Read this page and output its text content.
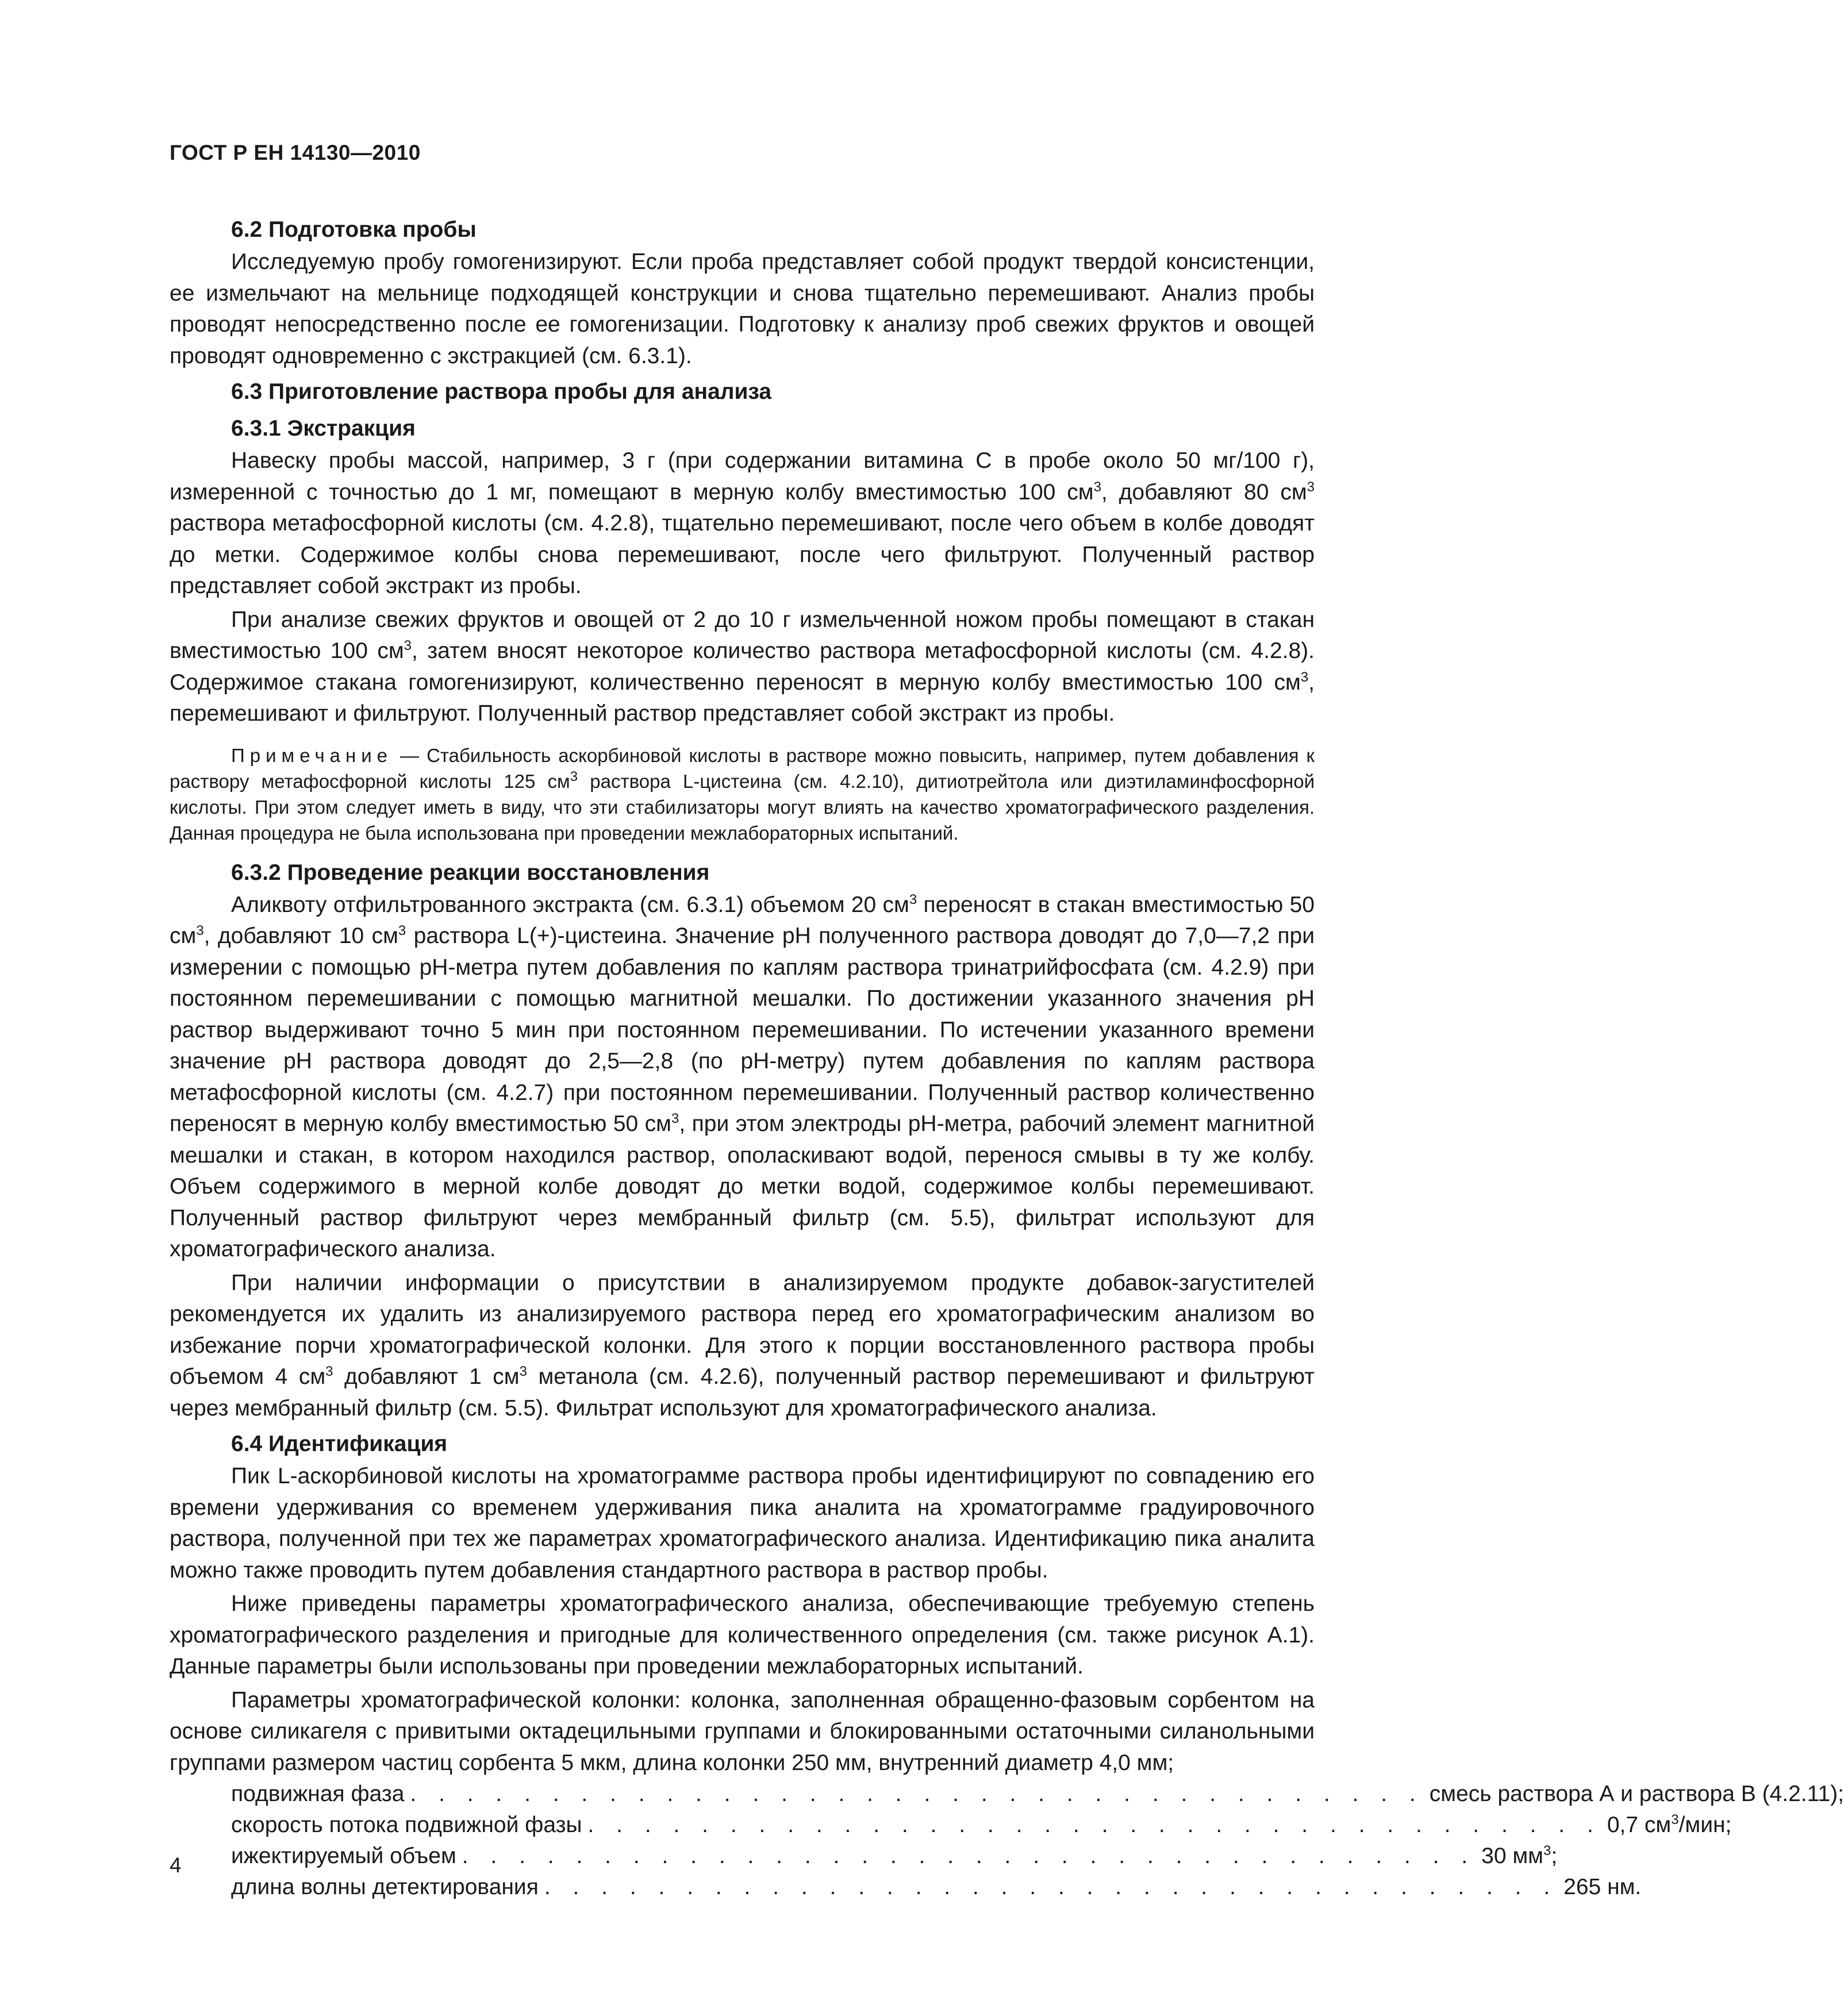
ГОСТ Р ЕН 14130—2010
6.2 Подготовка пробы

Исследуемую пробу гомогенизируют. Если проба представляет собой продукт твердой консистенции, ее измельчают на мельнице подходящей конструкции и снова тщательно перемешивают. Анализ пробы проводят непосредственно после ее гомогенизации. Подготовку к анализу проб свежих фруктов и овощей проводят одновременно с экстракцией (см. 6.3.1).

6.3 Приготовление раствора пробы для анализа
6.3.1 Экстракция

Навеску пробы массой, например, 3 г (при содержании витамина С в пробе около 50 мг/100 г), измеренной с точностью до 1 мг, помещают в мерную колбу вместимостью 100 $см^3$, добавляют 80 $см^3$ раствора метафосфорной кислоты (см. 4.2.8), тщательно перемешивают, после чего объем в колбе доводят до метки. Содержимое колбы снова перемешивают, после чего фильтруют. Полученный раствор представляет собой экстракт из пробы.

При анализе свежих фруктов и овощей от 2 до 10 г измельченной ножом пробы помещают в стакан вместимостью 100 $см^3$, затем вносят некоторое количество раствора метафосфорной кислоты (см. 4.2.8). Содержимое стакана гомогенизируют, количественно переносят в мерную колбу вместимостью 100 $см^3$, перемешивают и фильтруют. Полученный раствор представляет собой экстракт из пробы.

Примечание — Стабильность аскорбиновой кислоты в растворе можно повысить, например, путем добавления к раствору метафосфорной кислоты 125 $см^3$ раствора L-цистеина (см. 4.2.10), дитиотрейтола или диэтиламинфосфорной кислоты. При этом следует иметь в виду, что эти стабилизаторы могут влиять на качество хроматографического разделения. Данная процедура не была использована при проведении межлабораторных испытаний.
6.3.2 Проведение реакции восстановления

Аликвоту отфильтрованного экстракта (см. 6.3.1) объемом 20 $см^3$ переносят в стакан вместимостью 50 $см^3$, добавляют 10 $см^3$ раствора L(+)-цистеина. Значение pH полученного раствора доводят до 7,0—7,2 при измерении с помощью pH-метра путем добавления по каплям раствора тринатрийфосфата (см. 4.2.9) при постоянном перемешивании с помощью магнитной мешалки. По достижении указанного значения pH раствор выдерживают точно 5 мин при постоянном перемешивании. По истечении указанного времени значение pH раствора доводят до 2,5—2,8 (по pH-метру) путем добавления по каплям раствора метафосфорной кислоты (см. 4.2.7) при постоянном перемешивании. Полученный раствор количественно переносят в мерную колбу вместимостью 50 $см^3$, при этом электроды pH-метра, рабочий элемент магнитной мешалки и стакан, в котором находился раствор, ополаскивают водой, перенося смывы в ту же колбу. Объем содержимого в мерной колбе доводят до метки водой, содержимое колбы перемешивают. Полученный раствор фильтруют через мембранный фильтр (см. 5.5), фильтрат используют для хроматографического анализа.

При наличии информации о присутствии в анализируемом продукте добавок-загустителей рекомендуется их удалить из анализируемого раствора перед его хроматографическим анализом во избежание порчи хроматографической колонки. Для этого к порции восстановленного раствора пробы объемом 4 $см^3$ добавляют 1 $см^3$ метанола (см. 4.2.6), полученный раствор перемешивают и фильтруют через мембранный фильтр (см. 5.5). Фильтрат используют для хроматографического анализа.

6.4 Идентификация

Пик L-аскорбиновой кислоты на хроматограмме раствора пробы идентифицируют по совпадению его времени удерживания со временем удерживания пика аналита на хроматограмме градуировочного раствора, полученной при тех же параметрах хроматографического анализа. Идентификацию пика аналита можно также проводить путем добавления стандартного раствора в раствор пробы.

Ниже приведены параметры хроматографического анализа, обеспечивающие требуемую степень хроматографического разделения и пригодные для количественного определения (см. также рисунок А.1). Данные параметры были использованы при проведении межлабораторных испытаний.

Параметры хроматографической колонки: колонка, заполненная обращенно-фазовым сорбентом на основе силикагеля с привитыми октадецильными группами и блокированными остаточными силанольными группами размером частиц сорбента 5 мкм, длина колонки 250 мм, внутренний диаметр 4,0 мм;

подвижная фаза . . . . . . . . . . . . . . . . . . . . . . . . . . . . . . . . . . . . смесь раствора А и раствора В (4.2.11);
скорость потока подвижной фазы . . . . . . . . . . . . . . . . . . . . . . . . . . . . . . . . . . . . 0,7 $см^3$/мин;
ижектируемый объем . . . . . . . . . . . . . . . . . . . . . . . . . . . . . . . . . . . . 30 $мм^3$;
длина волны детектирования . . . . . . . . . . . . . . . . . . . . . . . . . . . . . . . . . . . . 265 нм.
4
